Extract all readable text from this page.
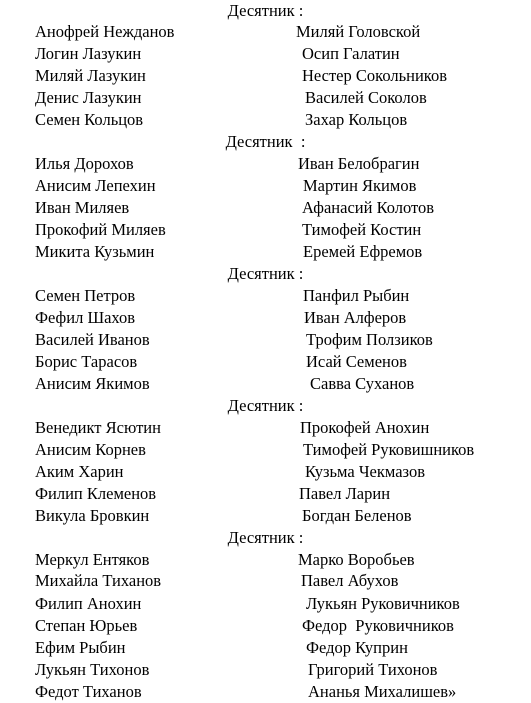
Десятник :
Анофрей Нежданов	Миляй Головской
Логин Лазукин	Осип Галатин
Миляй Лазукин	Нестер Сокольников
Денис Лазукин	Василей Соколов
Семен Кольцов	Захар Кольцов
Десятник  :
Илья Дорохов	Иван Белобрагин
Анисим Лепехин	Мартин Якимов
Иван Миляев	Афанасий Колотов
Прокофий Миляев	Тимофей Костин
Микита Кузьмин	Еремей Ефремов
Десятник :
Семен Петров	Панфил Рыбин
Фефил Шахов	Иван Алферов
Василей Иванов	Трофим Ползиков
Борис Тарасов	Исай Семенов
Анисим Якимов	Савва Суханов
Десятник :
Венедикт Ясютин	Прокофей Анохин
Анисим Корнев	Тимофей Руковишников
Аким Харин	Кузьма Чекмазов
Филип Клеменов	Павел Ларин
Викула Бровкин	Богдан Беленов
Десятник :
Меркул Ентяков	Марко Воробьев
Михайла Тиханов	Павел Абухов
Филип Анохин	Лукьян Руковичников
Степан Юрьев	Федор  Руковичников
Ефим Рыбин	Федор Куприн
Лукьян Тихонов	Григорий Тихонов
Федот Тиханов	Ананья Михалишев»
